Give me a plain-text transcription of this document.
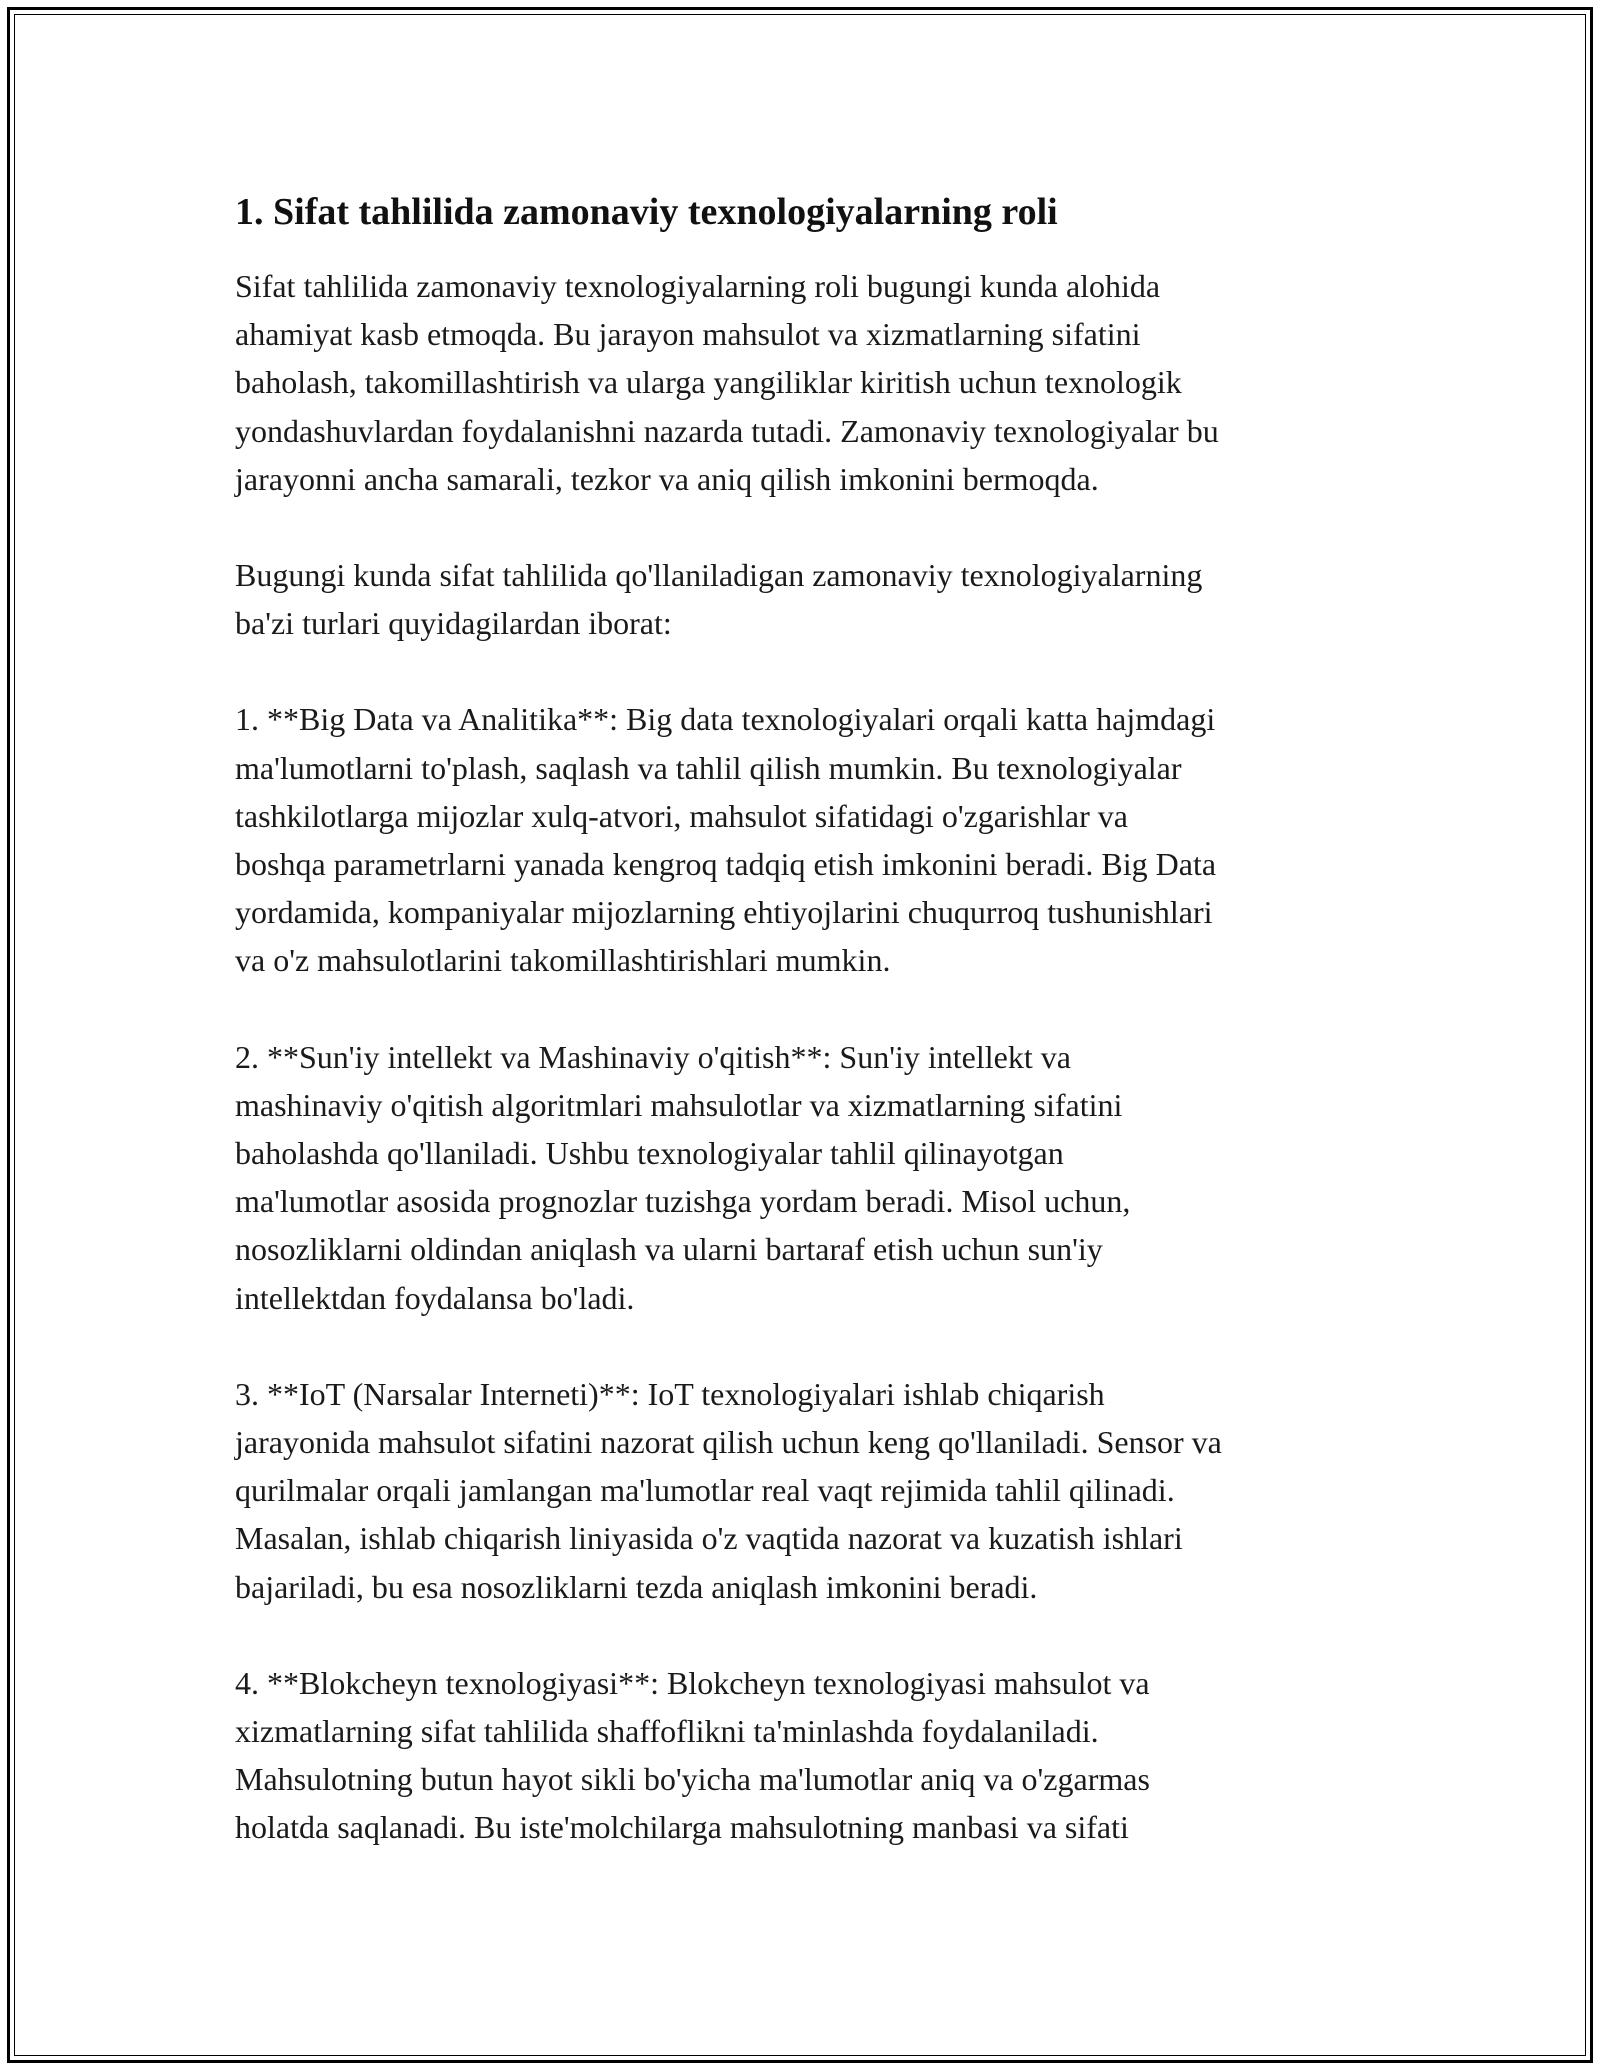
1. Sifat tahlilida zamonaviy texnologiyalarning roli

Sifat tahlilida zamonaviy texnologiyalarning roli bugungi kunda alohida
ahamiyat kasb etmoqda. Bu jarayon mahsulot va xizmatlarning sifatini
baholash, takomillashtirish va ularga yangiliklar kiritish uchun texnologik
yondashuvlardan foydalanishni nazarda tutadi. Zamonaviy texnologiyalar bu
jarayonni ancha samarali, tezkor va aniq qilish imkonini bermoqda.

Bugungi kunda sifat tahlilida qo'llaniladigan zamonaviy texnologiyalarning
ba'zi turlari quyidagilardan iborat:

1. **Big Data va Analitika**: Big data texnologiyalari orqali katta hajmdagi
ma'lumotlarni to'plash, saqlash va tahlil qilish mumkin. Bu texnologiyalar
tashkilotlarga mijozlar xulq-atvori, mahsulot sifatidagi o'zgarishlar va
boshqa parametrlarni yanada kengroq tadqiq etish imkonini beradi. Big Data
yordamida, kompaniyalar mijozlarning ehtiyojlarini chuqurroq tushunishlari
va o'z mahsulotlarini takomillashtirishlari mumkin.

2. **Sun'iy intellekt va Mashinaviy o'qitish**: Sun'iy intellekt va
mashinaviy o'qitish algoritmlari mahsulotlar va xizmatlarning sifatini
baholashda qo'llaniladi. Ushbu texnologiyalar tahlil qilinayotgan
ma'lumotlar asosida prognozlar tuzishga yordam beradi. Misol uchun,
nosozliklarni oldindan aniqlash va ularni bartaraf etish uchun sun'iy
intellektdan foydalansa bo'ladi.

3. **IoT (Narsalar Interneti)**: IoT texnologiyalari ishlab chiqarish
jarayonida mahsulot sifatini nazorat qilish uchun keng qo'llaniladi. Sensor va
qurilmalar orqali jamlangan ma'lumotlar real vaqt rejimida tahlil qilinadi.
Masalan, ishlab chiqarish liniyasida o'z vaqtida nazorat va kuzatish ishlari
bajariladi, bu esa nosozliklarni tezda aniqlash imkonini beradi.

4. **Blokcheyn texnologiyasi**: Blokcheyn texnologiyasi mahsulot va
xizmatlarning sifat tahlilida shaffoflikni ta'minlashda foydalaniladi.
Mahsulotning butun hayot sikli bo'yicha ma'lumotlar aniq va o'zgarmas
holatda saqlanadi. Bu iste'molchilarga mahsulotning manbasi va sifati
